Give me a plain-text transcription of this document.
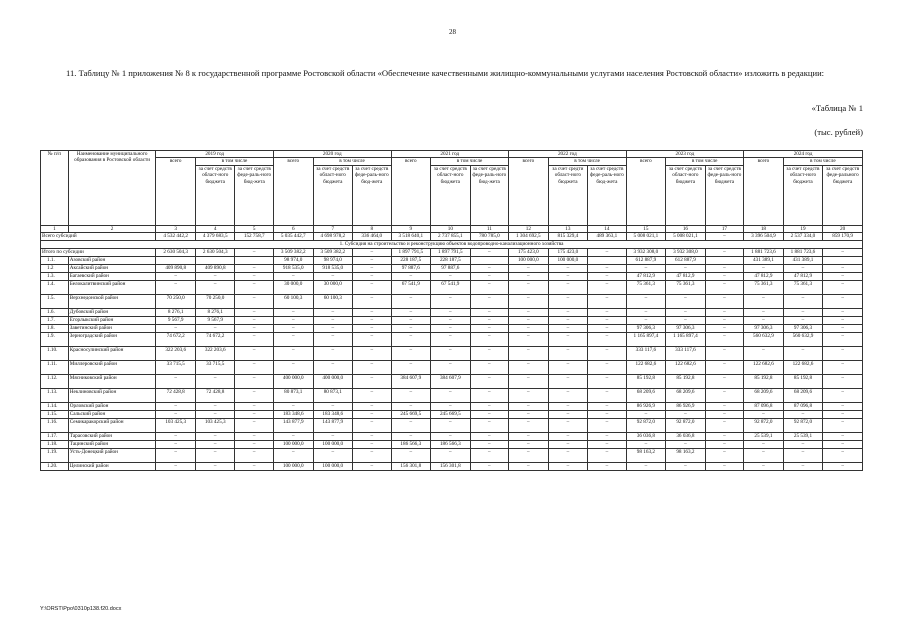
28
11. Таблицу № 1 приложения № 8 к государственной программе Ростовской области «Обеспечение качественными жилищно-коммунальными услугами населения Ростовской области» изложить в редакции:
«Таблица № 1
(тыс. рублей)
№ п/п	Наименование муниципального образования в Ростовской области	2019 год			2020 год			2021 год			2022 год			2023 год			2024 год		
		всего	в том числе		всего	в том числе		всего	в том числе		всего	в том числе		всего	в том числе		всего	в том числе	
			за счет средств област-ного бюджета	за счет средств феде-раль-ного бюд-жета		за счет средств област-ного бюджета	за счет средств феде-раль-ного бюд-жета		за счет средств област-ного бюджета	за счет средств феде-раль-ного бюд-жета		за счет средти област-ного бюджета	за счет средств феде-раль-ного бюд-жета		за счет средств област-ного бюджета	за счет средств феде-раль-ного бюджета		за счет средств област-ного бюджета	за счет средств феде-рального бюджета
1	2	3	4	5	6	7	8	9	10	11	12	13	14	15	16	17	18	19	20
Всего субсидий		4 532 442,2	4 379 683,5	152 758,7	5 035 442,7	4 698 978,2	336 464,0	3 518 640,1	2 737 855,1	780 785,0	1 304 692,5	815 329,4	489 363,1	5 008 021,1	5 008 021,1	–	3 396 504,9	2 537 334,0	859 170,9
1. Субсидия на строительство и реконструкцию объектов водопроводно-канализационного хозяйства																			
Итого по субсидии		2 630 504,3	2 630 504,3	–	3 509 382,2	3 509 382,2	–	1 897 791,5	1 897 791,5	–	175 423,0	175 423,0	–	3 932 308,0	3 932 308,0	–	1 881 723,6	1 881 723,6	–
1.1.	Азовский район				98 974,0	98 974,0	–	228 187,5	228 187,5		100 000,0	100 000,0		612 887,9	612 887,9		431 389,1	431 389,1	
1.2	Аксайский район	409 890,8	409 890,8	–	918 535,0	918 535,0	–	97 887,6	97 887,6	–	–	–	–	–	–	–	–	–	–
1.3.	Багаевский район	–	–	–	–	–	–	–	–	–	–	–	–	47 812,9	47 812,9	–	47 812,9	47 812,9	–
1.4.	Белокалитвинский район	–	–	–	30 000,0	30 000,0	–	67 541,9	67 541,9	–	–	–	–	75 361,3	75 361,3	–	75 361,3	75 361,3	–
1.5.	Верхнедонской район	70 250,0	70 250,0	–	60 100,3	60 100,3	–	–	–	–	–	–	–	–	–	–	–	–	–
1.6.	Дубовский район	8 276,1	8 276,1	–	–	–	–	–	–	–	–	–	–	–	–	–	–	–	–
1.7.	Егорлыкский район	9 567,9	9 567,9	–	–	–	–	–	–	–	–	–	–	–	–	–	–	–	–
1.8.	Заветинский район	–	–	–	–	–	–	–	–	–	–	–	–	97 306,3	97 306,3	–	97 306,3	97 306,3	–
1.9.	Зерноградский район	74 672,2	74 672,2	–	–	–	–	–	–	–	–	–	–	1 165 897,4	1 165 897,4	–	560 632,9	560 632,9	–
1.10.	Красносулинский район	322 203,6	322 203,6	–	–	–	–	–	–	–	–	–	–	333 117,6	333 117,6	–	–	–	–
1.11.	Миллеровский район	33 715,5	33 715,5	–	–	–	–	–	–	–	–	–	–	122 682,6	122 682,6	–	122 682,6	122 682,6	–
1.12.	Мясниковский район	–	–	–	400 000,0	400 000,0	–	384 607,9	384 607,9	–	–	–	–	85 192,8	85 192,8	–	85 192,8	85 192,8	–
1.13.	Неклиновский район	72 428,8	72 428,8	–	80 873,1	80 873,1	–	–	–	–	–	–	–	68 209,6	68 209,6	–	68 209,6	68 209,6	–
1.14.	Орловский район	–	–	–	–	–	–	–	–	–	–	–	–	86 926,9	86 926,9	–	87 096,8	87 096,8	–
1.15.	Сальский район	–	–	–	183 348,6	183 348,6	–	245 669,5	245 669,5	–	–	–	–	–	–	–	–	–	–
1.16.	Семикаракорский район	103 425,3	103 425,3	–	143 877,9	143 877,9	–	–	–	–	–	–	–	92 872,0	92 872,0	–	92 872,0	92 872,0	–
1.17.	Тарасовский район	–	–	–	–	–	–	–	–	–	–	–	–	36 036,8	36 036,8	–	25 539,1	25 539,1	–
1.18.	Тацинский район	–	–	–	100 000,0	100 000,0	–	186 566,3	186 566,3	–	–	–	–	–	–	–	–	–	–
1.19.	Усть-Донецкий район	–	–	–	–	–	–	–	–	–	–	–	–	98 163,2	98 163,2	–	–	–	–
1.20.	Целинский район	–	–	–	100 000,0	100 000,0	–	156 301,8	156 301,8	–	–	–	–	–	–	–	–	–	–
Y:\ORST\Ppo\0310p138.f20.docx
